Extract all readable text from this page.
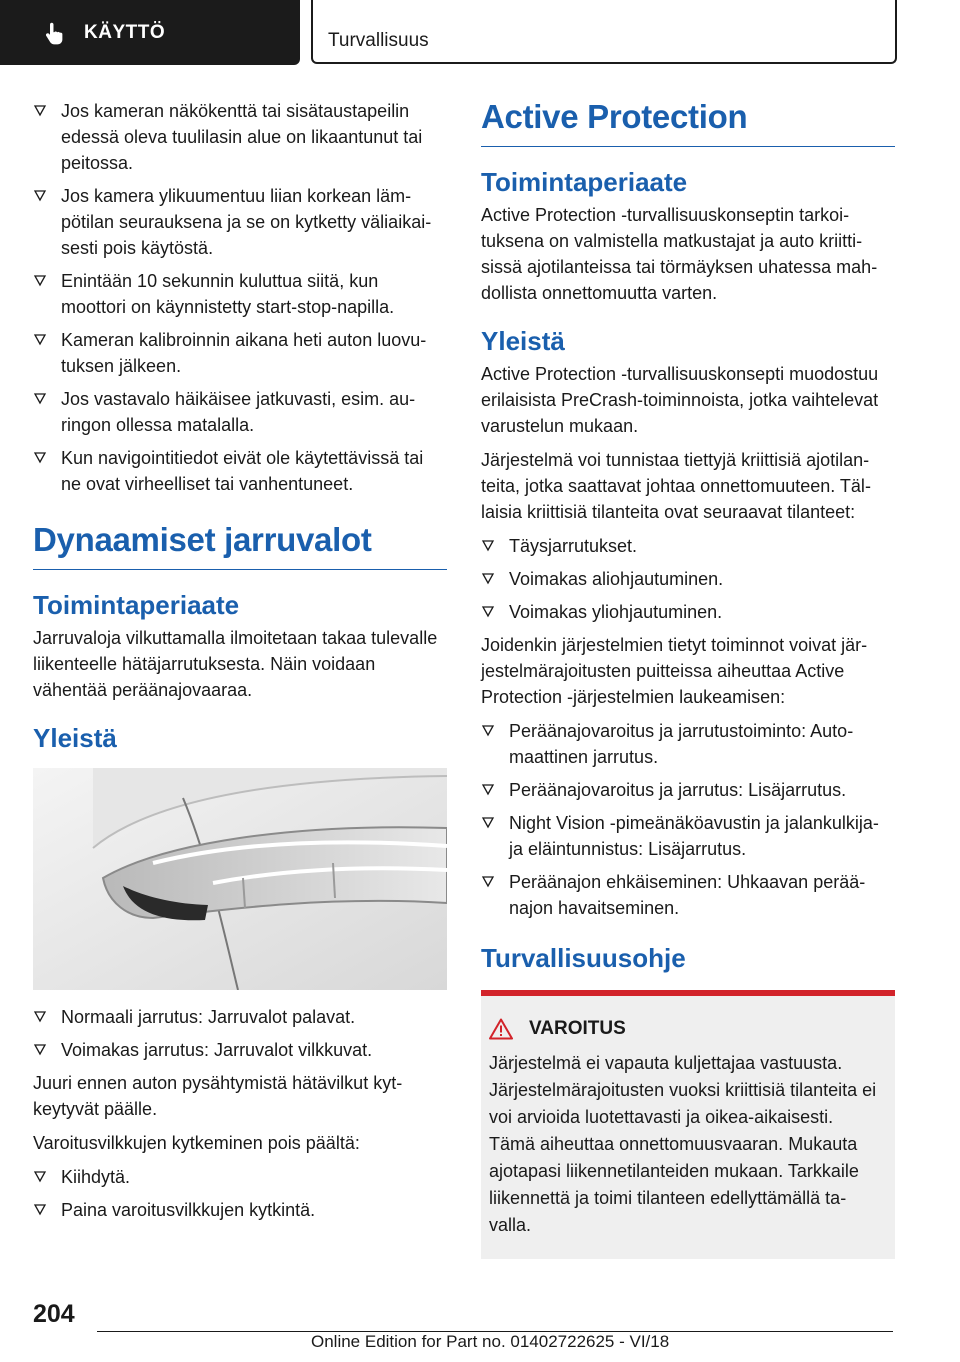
KÄYTTÖ	Turvallisuus
Jos kameran näkökenttä tai sisätaustapeilin edessä oleva tuulilasin alue on likaantunut tai peitossa.
Jos kamera ylikuumentuu liian korkean lämpötilan seurauksena ja se on kytketty väliaikaisesti pois käytöstä.
Enintään 10 sekunnin kuluttua siitä, kun moottori on käynnistetty start-stop-napilla.
Kameran kalibroinnin aikana heti auton luovutuksen jälkeen.
Jos vastavalo häikäisee jatkuvasti, esim. auringon ollessa matalalla.
Kun navigointitiedot eivät ole käytettävissä tai ne ovat virheelliset tai vanhentuneet.
Dynaamiset jarruvalot
Toimintaperiaate

Jarruvaloja vilkuttamalla ilmoitetaan takaa tulevalle liikenteelle hätäjarrutuksesta. Näin voidaan vähentää peräänajovaaraa.

Yleistä
Normaali jarrutus: Jarruvalot palavat.
Voimakas jarrutus: Jarruvalot vilkkuvat.

Juuri ennen auton pysähtymistä hätävilkut kytkeytyvät päälle.

Varoitusvilkkujen kytkeminen pois päältä:

Kiihdytä.
Paina varoitusvilkkujen kytkintä.
Active Protection
Toimintaperiaate

Active Protection -turvallisuuskonseptin tarkoituksena on valmistella matkustajat ja auto kriittisissä ajotilanteissa tai törmäyksen uhatessa mahdollista onnettomuutta varten.

Yleistä

Active Protection -turvallisuuskonsepti muodostuu erilaisista PreCrash-toiminnoista, jotka vaihtelevat varustelun mukaan.

Järjestelmä voi tunnistaa tiettyjä kriittisiä ajotilanteita, jotka saattavat johtaa onnettomuuteen. Tällaisia kriittisiä tilanteita ovat seuraavat tilanteet:

Täysjarrutukset.
Voimakas aliohjautuminen.
Voimakas yliohjautuminen.

Joidenkin järjestelmien tietyt toiminnot voivat järjestelmärajoitusten puitteissa aiheuttaa Active Protection -järjestelmien laukeamisen:

Peräänajovaroitus ja jarrutustoiminto: Automaattinen jarrutus.
Peräänajovaroitus ja jarrutus: Lisäjarrutus.
Night Vision -pimeänäköavustin ja jalankulkija- ja eläintunnistus: Lisäjarrutus.
Peräänajon ehkäiseminen: Uhkaavan peräänajon havaitseminen.
Turvallisuusohje
VAROITUS

Järjestelmä ei vapauta kuljettajaa vastuusta. Järjestelmärajoitusten vuoksi kriittisiä tilanteita ei voi arvioida luotettavasti ja oikea-aikaisesti. Tämä aiheuttaa onnettomuusvaaran. Mukauta ajotapasi liikennetilanteiden mukaan. Tarkkaile liikennettä ja toimi tilanteen edellyttämällä tavalla.

204
Online Edition for Part no. 01402722625 - VI/18
